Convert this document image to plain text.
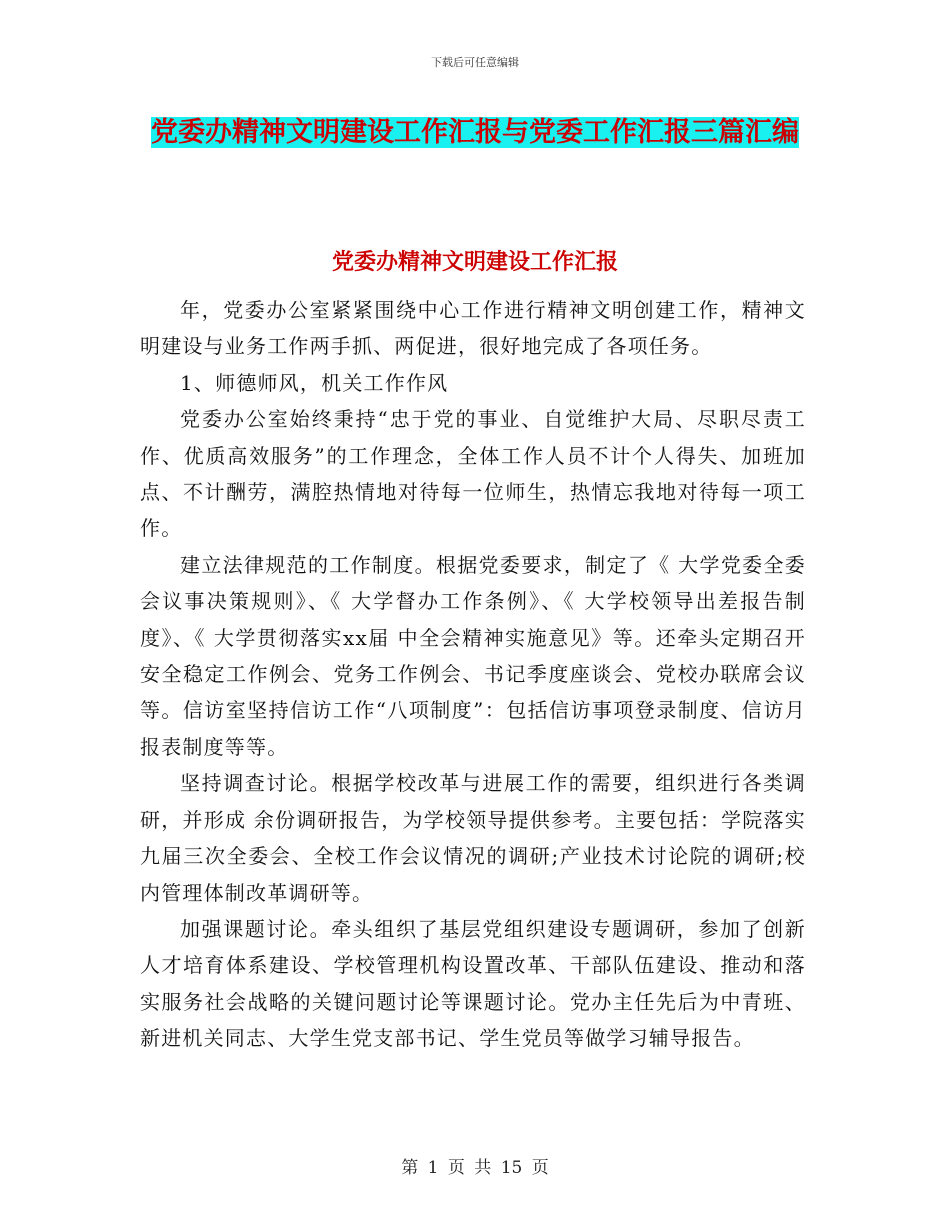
下载后可任意编辑
党委办精神文明建设工作汇报与党委工作汇报三篇汇编
党委办精神文明建设工作汇报

年，党委办公室紧紧围绕中心工作进行精神文明创建工作，精神文明建设与业务工作两手抓、两促进，很好地完成了各项任务。

1、师德师风，机关工作作风

党委办公室始终秉持“忠于党的事业、自觉维护大局、尽职尽责工作、优质高效服务”的工作理念，全体工作人员不计个人得失、加班加点、不计酬劳，满腔热情地对待每一位师生，热情忘我地对待每一项工作。

建立法律规范的工作制度。根据党委要求，制定了《 大学党委全委会议事决策规则》、《 大学督办工作条例》、《 大学校领导出差报告制度》、《 大学贯彻落实xx届 中全会精神实施意见》等。还牵头定期召开安全稳定工作例会、党务工作例会、书记季度座谈会、党校办联席会议等。信访室坚持信访工作“八项制度”：包括信访事项登录制度、信访月报表制度等等。

坚持调查讨论。根据学校改革与进展工作的需要，组织进行各类调研，并形成 余份调研报告，为学校领导提供参考。主要包括：学院落实九届三次全委会、全校工作会议情况的调研;产业技术讨论院的调研;校内管理体制改革调研等。

加强课题讨论。牵头组织了基层党组织建设专题调研，参加了创新人才培育体系建设、学校管理机构设置改革、干部队伍建设、推动和落实服务社会战略的关键问题讨论等课题讨论。党办主任先后为中青班、新进机关同志、大学生党支部书记、学生党员等做学习辅导报告。

第 1 页 共 15 页
